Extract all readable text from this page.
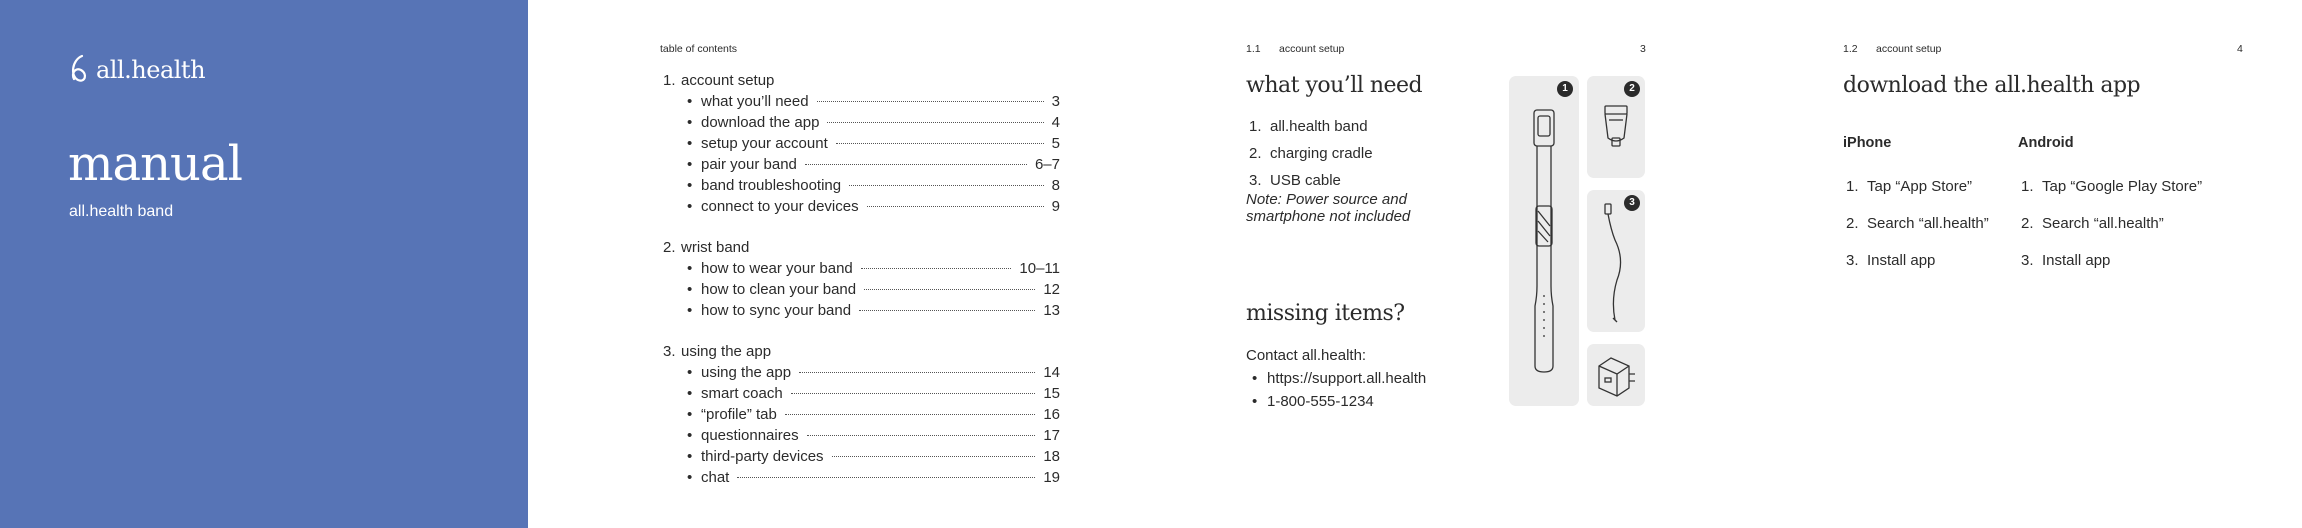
all.health
manual
all.health band
table of contents
1. account setup
• what you’ll need	3
• download the app	4
• setup your account	5
• pair your band	6–7
• band troubleshooting	8
• connect to your devices	9
2. wrist band
• how to wear your band	10–11
• how to clean your band	12
• how to sync your band	13
3. using the app
• using the app	14
• smart coach	15
• “profile” tab	16
• questionnaires	17
• third-party devices	18
• chat	19
1.1 account setup	3
what you’ll need
1. all.health band
2. charging cradle
3. USB cable
Note: Power source and smartphone not included
missing items?
Contact all.health:
• https://support.all.health
• 1-800-555-1234
1	2
3
1.2 account setup	4
download the all.health app
iPhone
1. Tap “App Store”
2. Search “all.health”
3. Install app
Android
1. Tap “Google Play Store”
2. Search “all.health”
3. Install app
